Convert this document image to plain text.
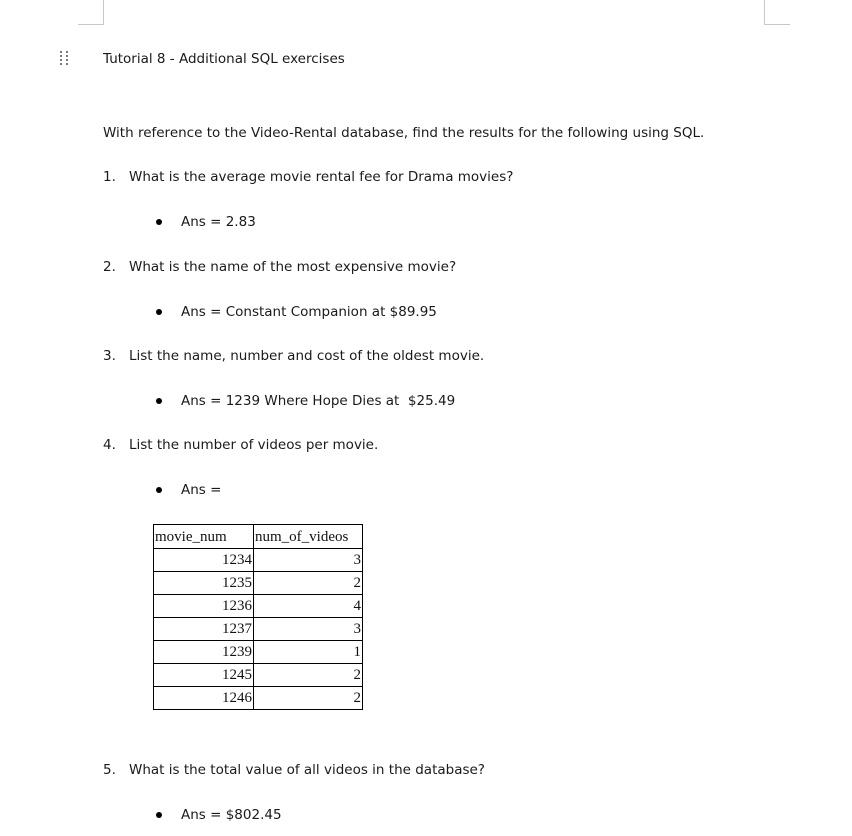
Tutorial 8 - Additional SQL exercises
With reference to the Video-Rental database, find the results for the following using SQL.
1. What is the average movie rental fee for Drama movies?
Ans = 2.83
2. What is the name of the most expensive movie?
Ans = Constant Companion at $89.95
3. List the name, number and cost of the oldest movie.
Ans = 1239 Where Hope Dies at  $25.49
4. List the number of videos per movie.
Ans =
movie_num	num_of_videos
1234	3
1235	2
1236	4
1237	3
1239	1
1245	2
1246	2
5. What is the total value of all videos in the database?
Ans = $802.45
